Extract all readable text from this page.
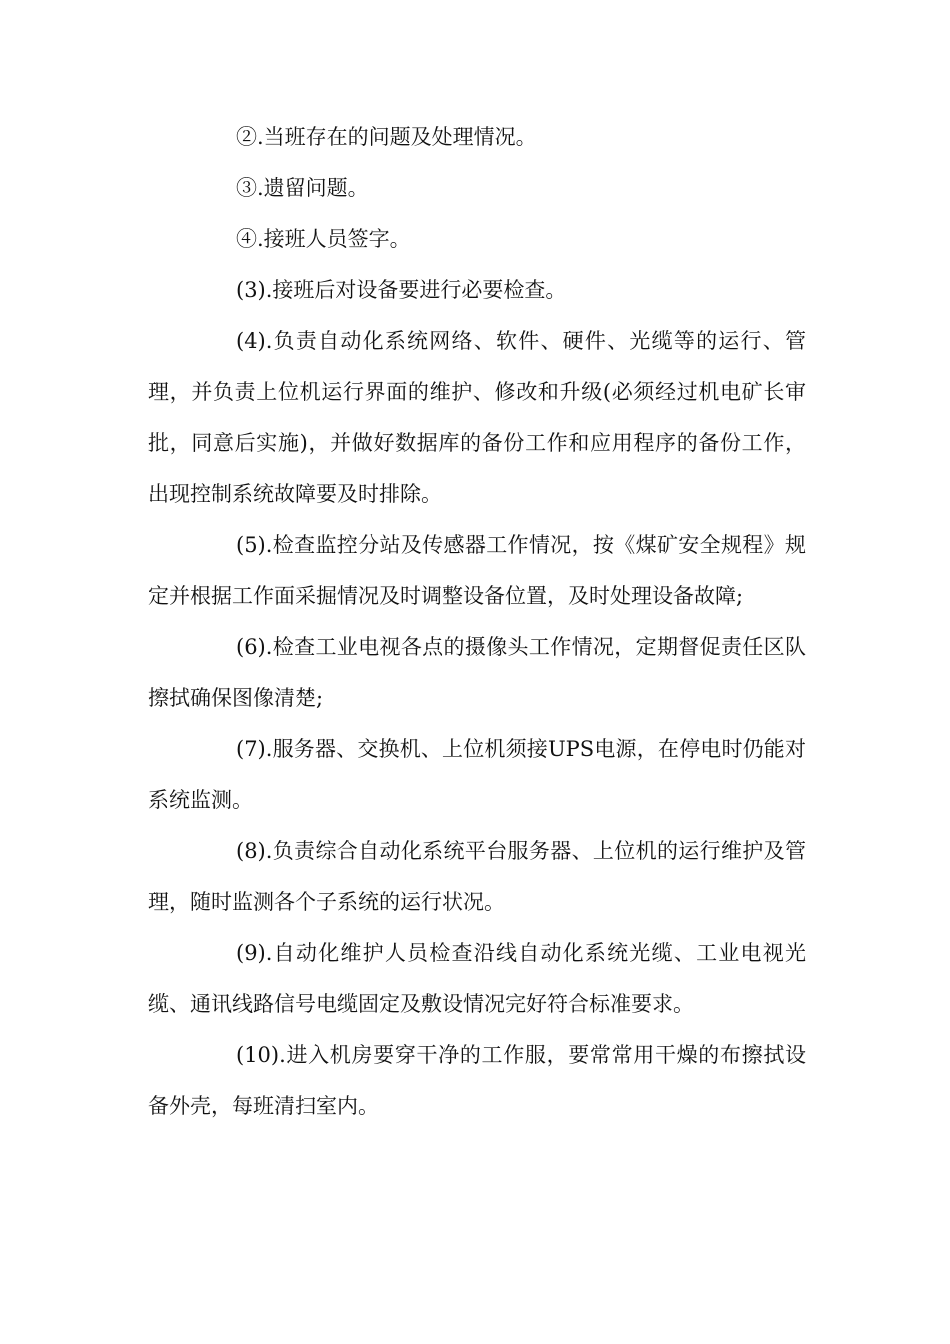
②.当班存在的问题及处理情况。

③.遗留问题。

④.接班人员签字。

(3).接班后对设备要进行必要检查。

(4).负责自动化系统网络、软件、硬件、光缆等的运行、管理，并负责上位机运行界面的维护、修改和升级(必须经过机电矿长审批，同意后实施)，并做好数据库的备份工作和应用程序的备份工作，出现控制系统故障要及时排除。

(5).检查监控分站及传感器工作情况，按《煤矿安全规程》规定并根据工作面采掘情况及时调整设备位置，及时处理设备故障;

(6).检查工业电视各点的摄像头工作情况，定期督促责任区队擦拭确保图像清楚;

(7).服务器、交换机、上位机须接UPS电源，在停电时仍能对系统监测。

(8).负责综合自动化系统平台服务器、上位机的运行维护及管理，随时监测各个子系统的运行状况。

(9).自动化维护人员检查沿线自动化系统光缆、工业电视光缆、通讯线路信号电缆固定及敷设情况完好符合标准要求。

(10).进入机房要穿干净的工作服，要常常用干燥的布擦拭设备外壳，每班清扫室内。
